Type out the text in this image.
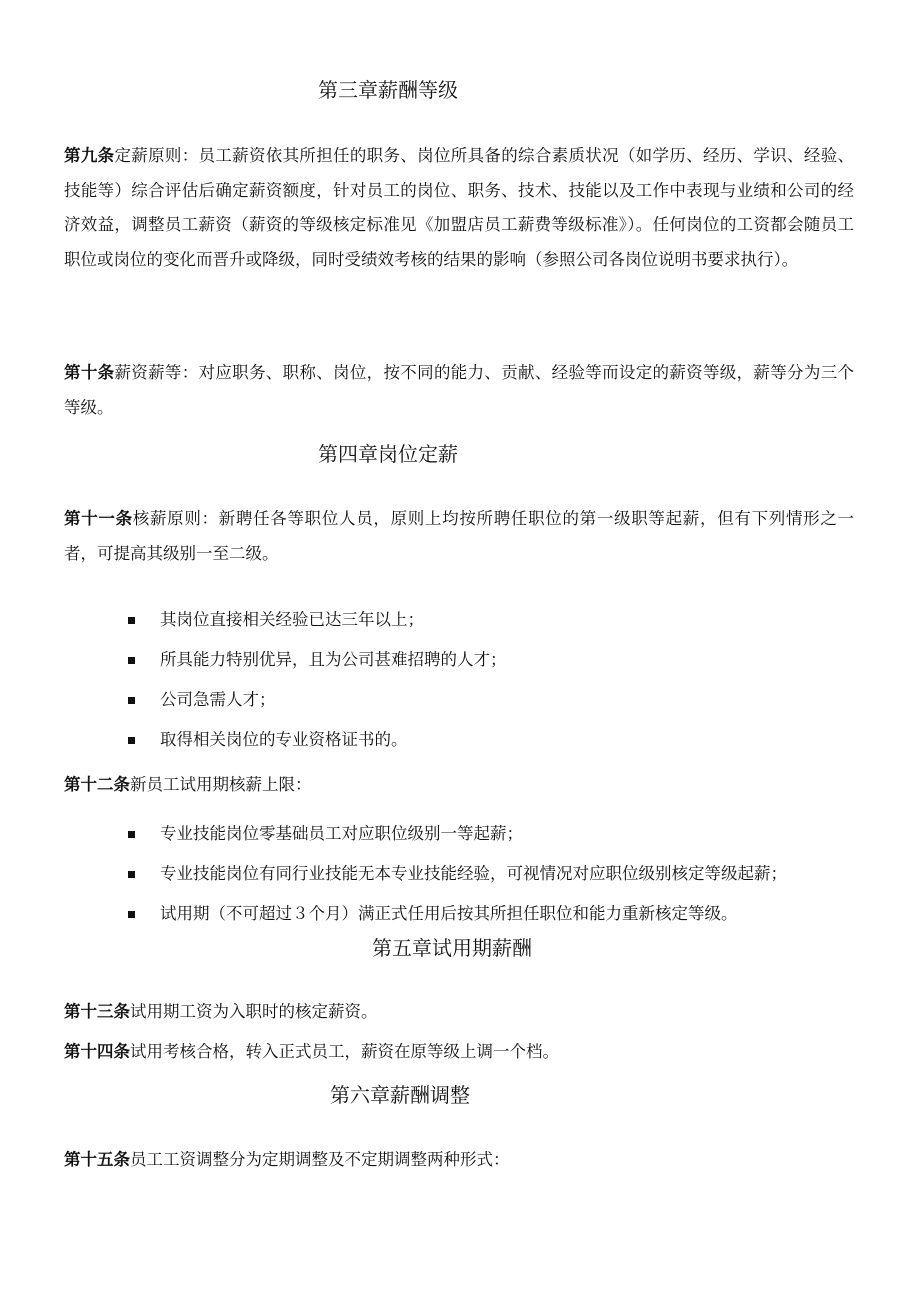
第三章薪酬等级

第九条定薪原则：员工薪资依其所担任的职务、岗位所具备的综合素质状况（如学历、经历、学识、经验、技能等）综合评估后确定薪资额度，针对员工的岗位、职务、技术、技能以及工作中表现与业绩和公司的经济效益，调整员工薪资（薪资的等级核定标准见《加盟店员工薪费等级标准》）。任何岗位的工资都会随员工职位或岗位的变化而晋升或降级，同时受绩效考核的结果的影响（参照公司各岗位说明书要求执行）。

第十条薪资薪等：对应职务、职称、岗位，按不同的能力、贡献、经验等而设定的薪资等级，薪等分为三个等级。

第四章岗位定薪

第十一条核薪原则：新聘任各等职位人员，原则上均按所聘任职位的第一级职等起薪，但有下列情形之一者，可提高其级别一至二级。

其岗位直接相关经验已达三年以上；
所具能力特别优异，且为公司甚难招聘的人才；
公司急需人才；
取得相关岗位的专业资格证书的。

第十二条新员工试用期核薪上限：

专业技能岗位零基础员工对应职位级别一等起薪；
专业技能岗位有同行业技能无本专业技能经验，可视情况对应职位级别核定等级起薪；
试用期（不可超过３个月）满正式任用后按其所担任职位和能力重新核定等级。
第五章试用期薪酬

第十三条试用期工资为入职时的核定薪资。

第十四条试用考核合格，转入正式员工，薪资在原等级上调一个档。

第六章薪酬调整

第十五条员工工资调整分为定期调整及不定期调整两种形式：
